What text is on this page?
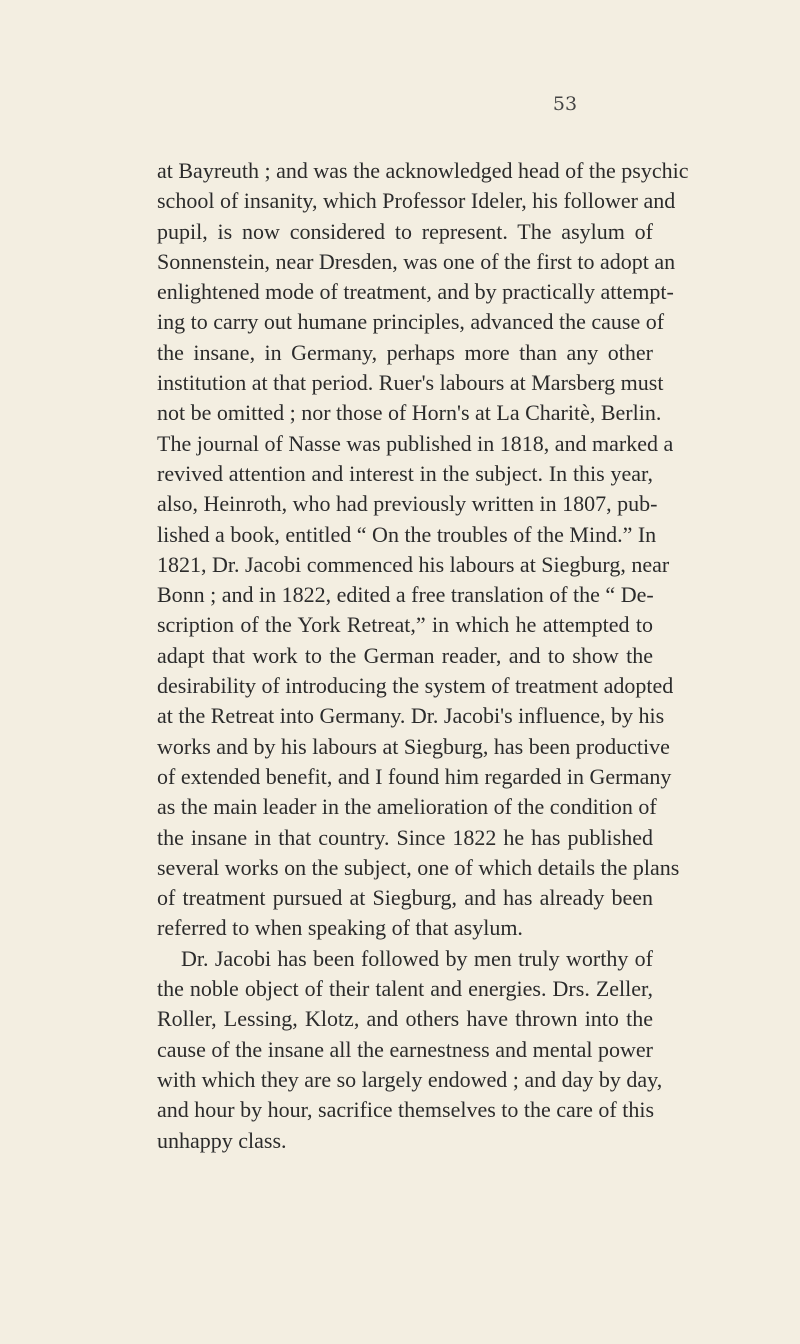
53
at Bayreuth ; and was the acknowledged head of the psychic
school of insanity, which Professor Ideler, his follower and
pupil, is now considered to represent. The asylum of
Sonnenstein, near Dresden, was one of the first to adopt an
enlightened mode of treatment, and by practically attempt-
ing to carry out humane principles, advanced the cause of
the insane, in Germany, perhaps more than any other
institution at that period. Ruer's labours at Marsberg must
not be omitted ; nor those of Horn's at La Charitè, Berlin.
The journal of Nasse was published in 1818, and marked a
revived attention and interest in the subject. In this year,
also, Heinroth, who had previously written in 1807, pub-
lished a book, entitled “ On the troubles of the Mind.” In
1821, Dr. Jacobi commenced his labours at Siegburg, near
Bonn ; and in 1822, edited a free translation of the “ De-
scription of the York Retreat,” in which he attempted to
adapt that work to the German reader, and to show the
desirability of introducing the system of treatment adopted
at the Retreat into Germany. Dr. Jacobi's influence, by his
works and by his labours at Siegburg, has been productive
of extended benefit, and I found him regarded in Germany
as the main leader in the amelioration of the condition of
the insane in that country. Since 1822 he has published
several works on the subject, one of which details the plans
of treatment pursued at Siegburg, and has already been
referred to when speaking of that asylum.
Dr. Jacobi has been followed by men truly worthy of
the noble object of their talent and energies. Drs. Zeller,
Roller, Lessing, Klotz, and others have thrown into the
cause of the insane all the earnestness and mental power
with which they are so largely endowed ; and day by day,
and hour by hour, sacrifice themselves to the care of this
unhappy class.
